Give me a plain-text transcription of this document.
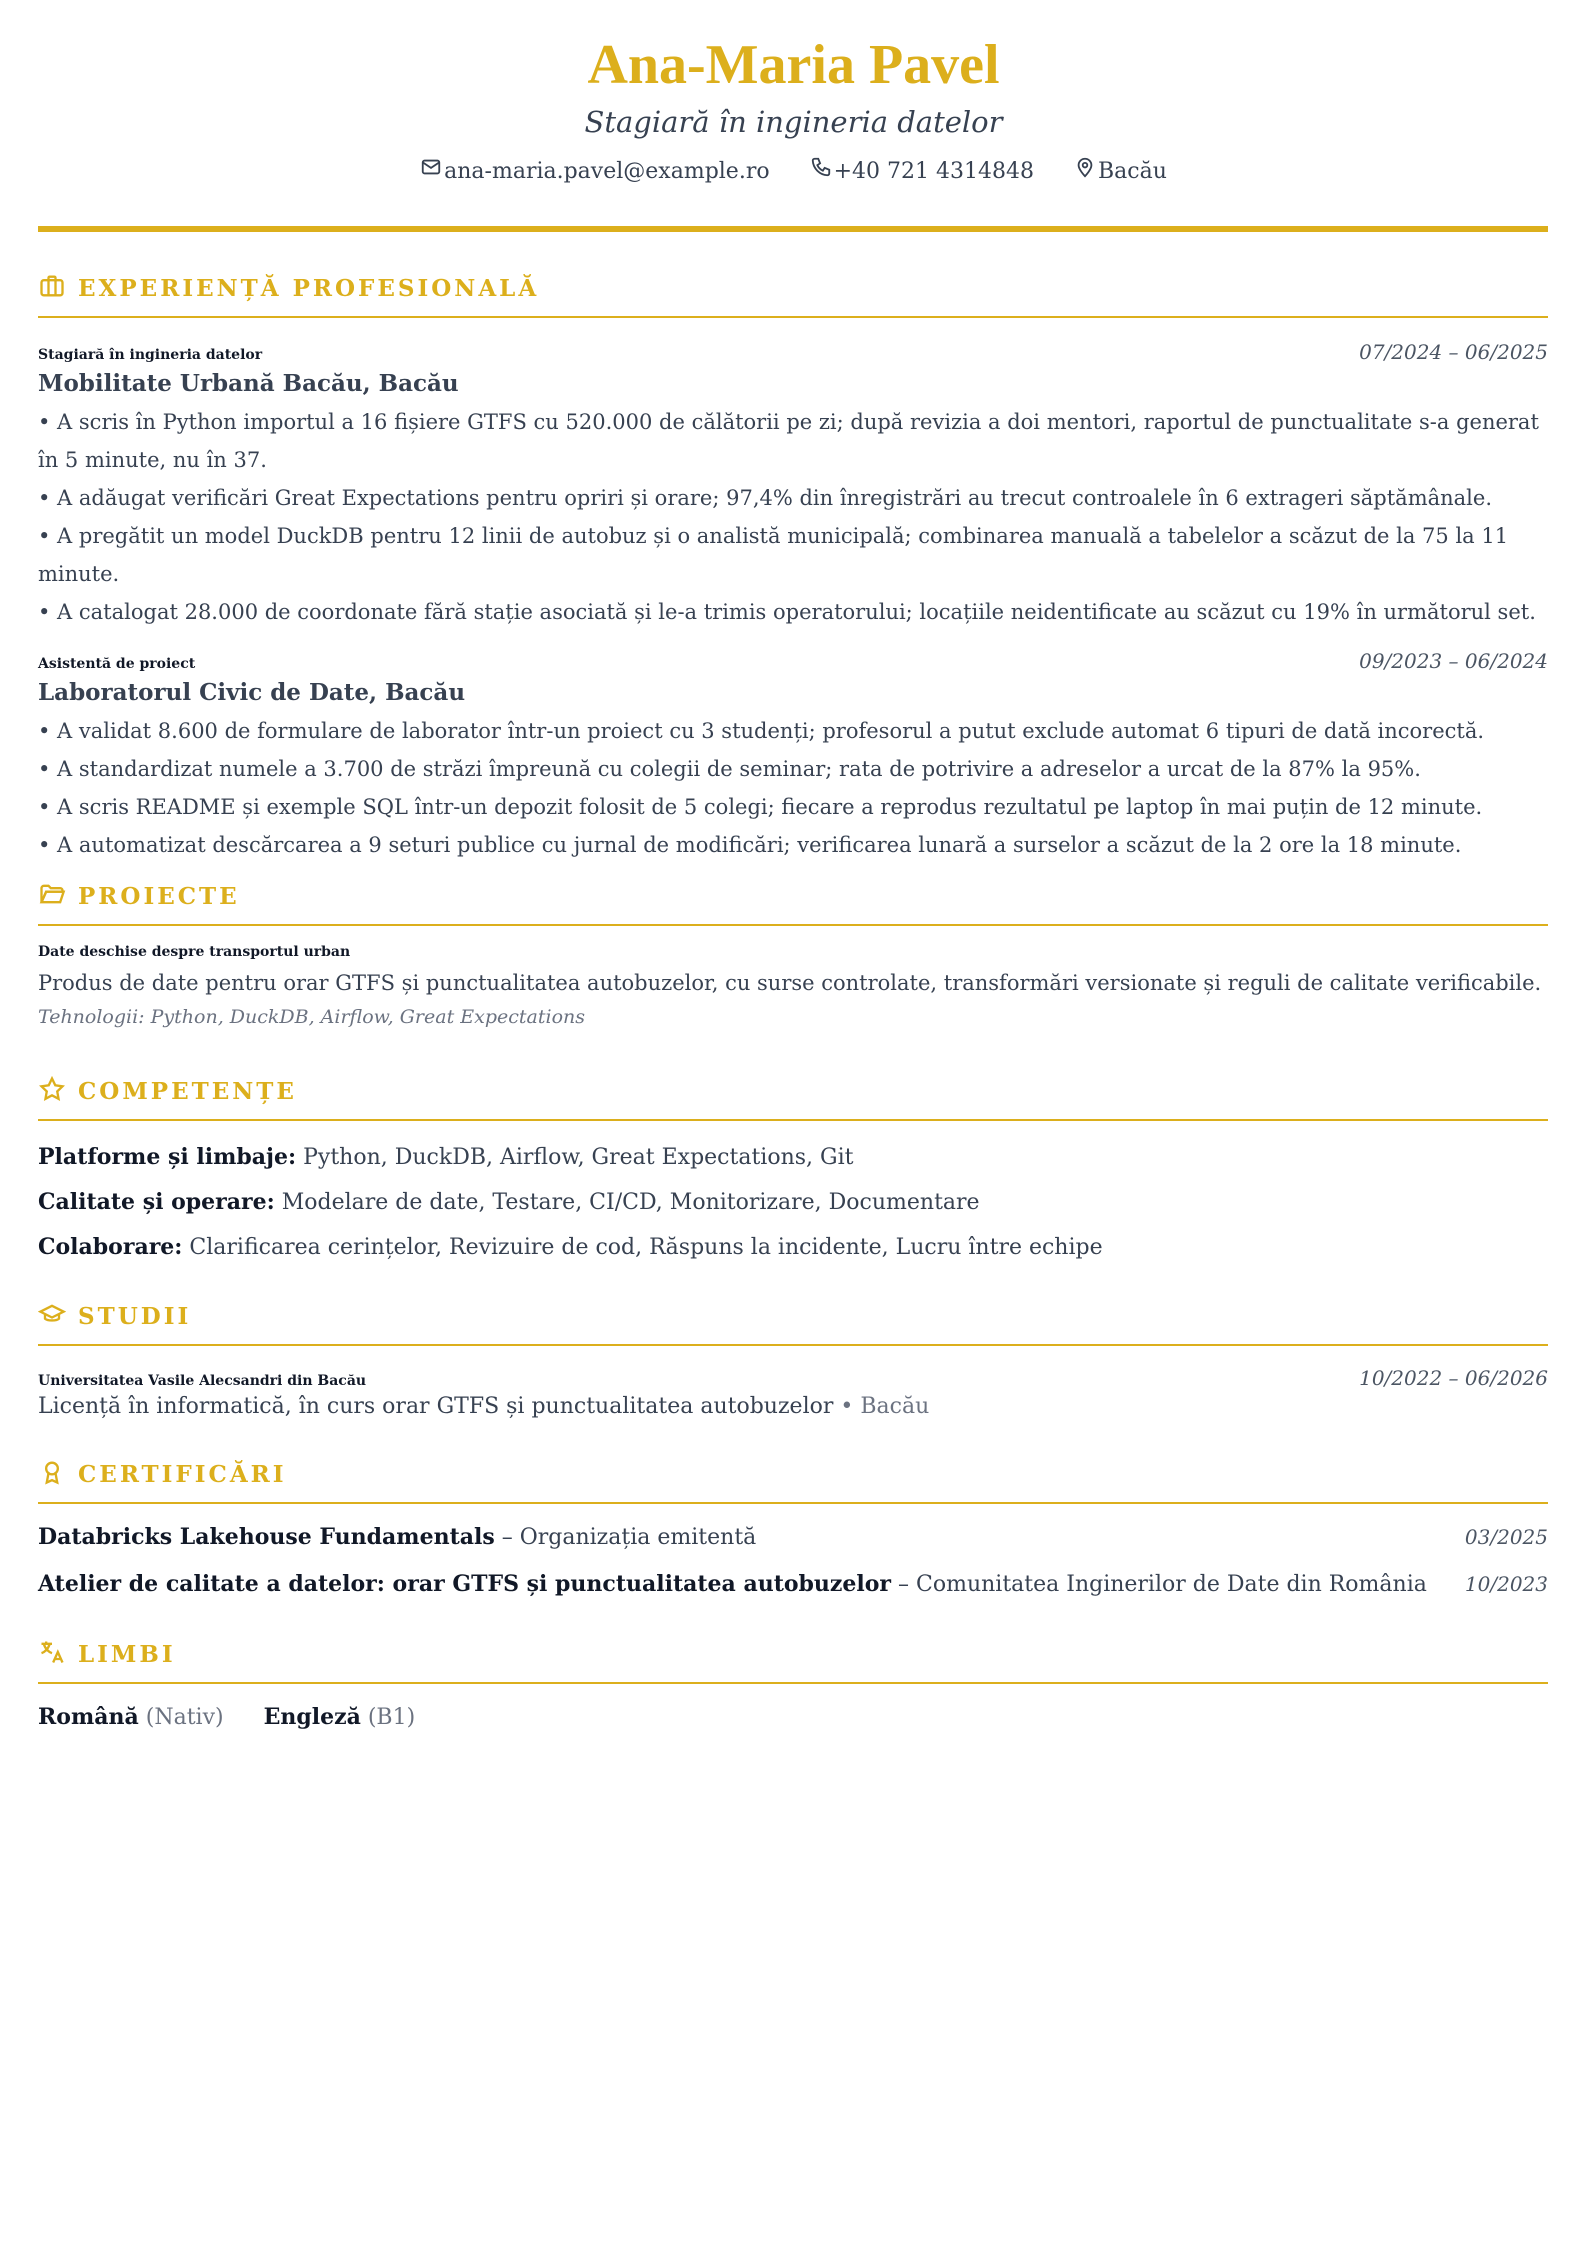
Ana-Maria Pavel
Stagiară în ingineria datelor
ana-maria.pavel@example.ro	+40 721 4314848	Bacău
EXPERIENȚĂ PROFESIONALĂ
Stagiară în ingineria datelor	07/2024 – 06/2025
Mobilitate Urbană Bacău, Bacău
• A scris în Python importul a 16 fișiere GTFS cu 520.000 de călătorii pe zi; după revizia a doi mentori, raportul de punctualitate s-a generat în 5 minute, nu în 37.
• A adăugat verificări Great Expectations pentru opriri și orare; 97,4% din înregistrări au trecut controalele în 6 extrageri săptămânale.
• A pregătit un model DuckDB pentru 12 linii de autobuz și o analistă municipală; combinarea manuală a tabelelor a scăzut de la 75 la 11 minute.
• A catalogat 28.000 de coordonate fără stație asociată și le-a trimis operatorului; locațiile neidentificate au scăzut cu 19% în următorul set.
Asistentă de proiect	09/2023 – 06/2024
Laboratorul Civic de Date, Bacău
• A validat 8.600 de formulare de laborator într-un proiect cu 3 studenți; profesorul a putut exclude automat 6 tipuri de dată incorectă.
• A standardizat numele a 3.700 de străzi împreună cu colegii de seminar; rata de potrivire a adreselor a urcat de la 87% la 95%.
• A scris README și exemple SQL într-un depozit folosit de 5 colegi; fiecare a reprodus rezultatul pe laptop în mai puțin de 12 minute.
• A automatizat descărcarea a 9 seturi publice cu jurnal de modificări; verificarea lunară a surselor a scăzut de la 2 ore la 18 minute.
PROIECTE
Date deschise despre transportul urban
Produs de date pentru orar GTFS și punctualitatea autobuzelor, cu surse controlate, transformări versionate și reguli de calitate verificabile.
Tehnologii: Python, DuckDB, Airflow, Great Expectations
COMPETENȚE
Platforme și limbaje: Python, DuckDB, Airflow, Great Expectations, Git
Calitate și operare: Modelare de date, Testare, CI/CD, Monitorizare, Documentare
Colaborare: Clarificarea cerințelor, Revizuire de cod, Răspuns la incidente, Lucru între echipe
STUDII
Universitatea Vasile Alecsandri din Bacău	10/2022 – 06/2026
Licență în informatică, în curs orar GTFS și punctualitatea autobuzelor • Bacău
CERTIFICĂRI
Databricks Lakehouse Fundamentals – Organizația emitentă	03/2025
Atelier de calitate a datelor: orar GTFS și punctualitatea autobuzelor – Comunitatea Inginerilor de Date din România 10/2023
LIMBI
Română (Nativ) Engleză (B1)
